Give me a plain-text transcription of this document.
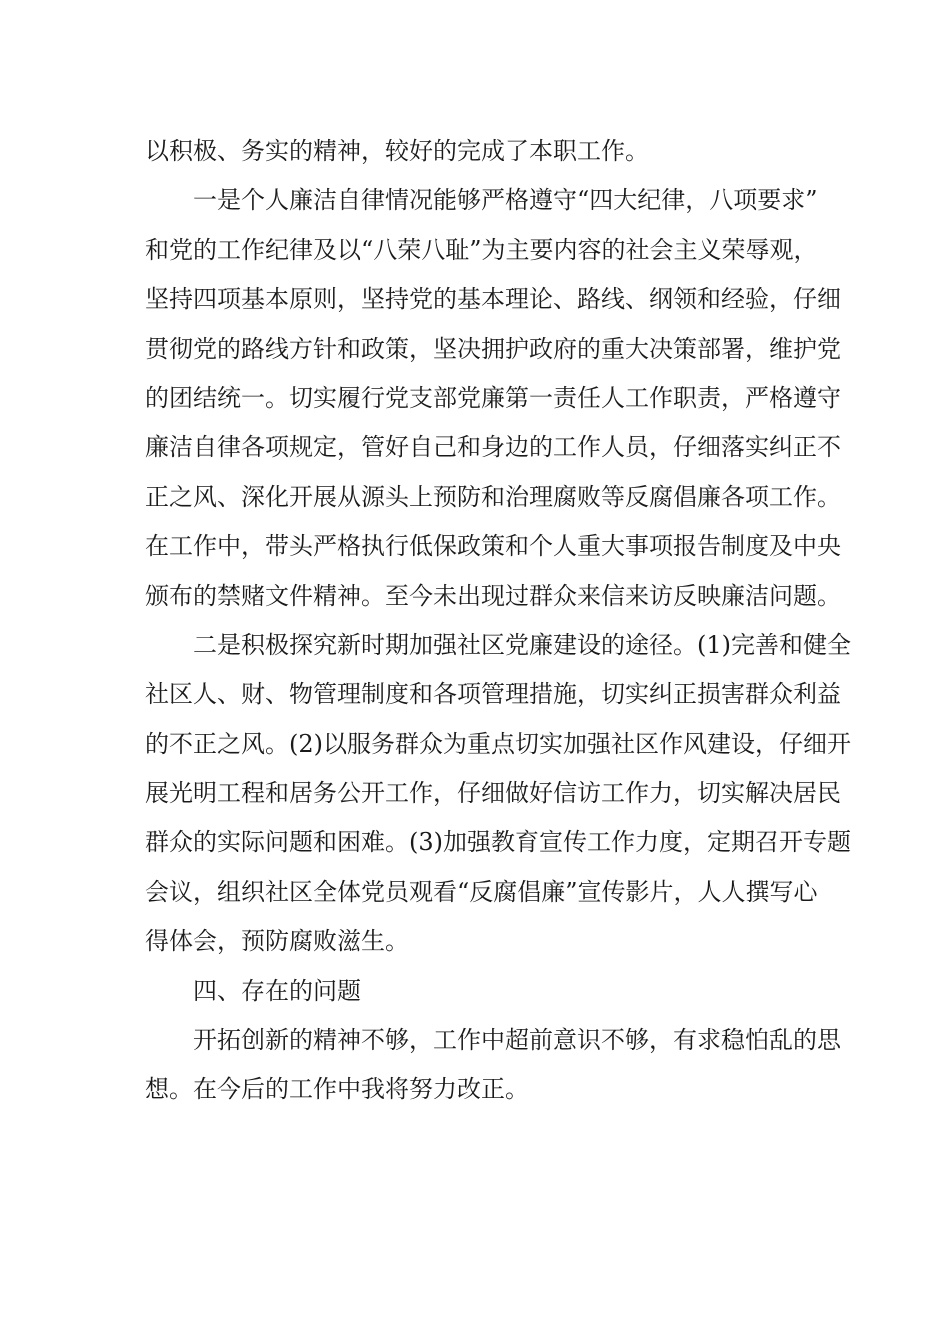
以积极、务实的精神，较好的完成了本职工作。
一是个人廉洁自律情况能够严格遵守“四大纪律，八项要求”
和党的工作纪律及以“八荣八耻”为主要内容的社会主义荣辱观，
坚持四项基本原则，坚持党的基本理论、路线、纲领和经验，仔细
贯彻党的路线方针和政策，坚决拥护政府的重大决策部署，维护党
的团结统一。切实履行党支部党廉第一责任人工作职责，严格遵守
廉洁自律各项规定，管好自己和身边的工作人员，仔细落实纠正不
正之风、深化开展从源头上预防和治理腐败等反腐倡廉各项工作。
在工作中，带头严格执行低保政策和个人重大事项报告制度及中央
颁布的禁赌文件精神。至今未出现过群众来信来访反映廉洁问题。
二是积极探究新时期加强社区党廉建设的途径。(1)完善和健全
社区人、财、物管理制度和各项管理措施，切实纠正损害群众利益
的不正之风。(2)以服务群众为重点切实加强社区作风建设，仔细开
展光明工程和居务公开工作，仔细做好信访工作力，切实解决居民
群众的实际问题和困难。(3)加强教育宣传工作力度，定期召开专题
会议，组织社区全体党员观看“反腐倡廉”宣传影片，人人撰写心
得体会，预防腐败滋生。
四、存在的问题
开拓创新的精神不够，工作中超前意识不够，有求稳怕乱的思
想。在今后的工作中我将努力改正。
